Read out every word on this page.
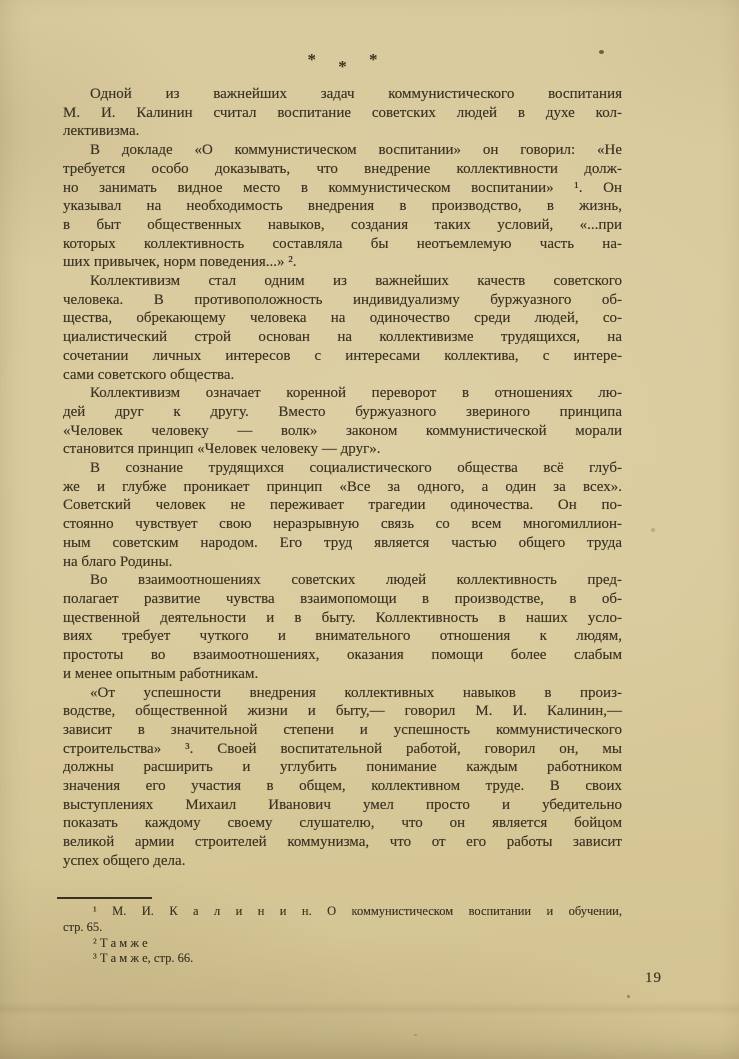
* * *

Одной из важнейших задач коммунистического воспитания
М. И. Калинин считал воспитание советских людей в духе кол-
лективизма.

В докладе «О коммунистическом воспитании» он говорил: «Не
требуется особо доказывать, что внедрение коллективности долж-
но занимать видное место в коммунистическом воспитании» ¹. Он
указывал на необходимость внедрения в производство, в жизнь,
в быт общественных навыков, создания таких условий, «...при
которых коллективность составляла бы неотъемлемую часть на-
ших привычек, норм поведения...» ².

Коллективизм стал одним из важнейших качеств советского
человека. В противоположность индивидуализму буржуазного об-
щества, обрекающему человека на одиночество среди людей, со-
циалистический строй основан на коллективизме трудящихся, на
сочетании личных интересов с интересами коллектива, с интере-
сами советского общества.

Коллективизм означает коренной переворот в отношениях лю-
дей друг к другу. Вместо буржуазного звериного принципа
«Человек человеку — волк» законом коммунистической морали
становится принцип «Человек человеку — друг».

В сознание трудящихся социалистического общества всё глуб-
же и глубже проникает принцип «Все за одного, а один за всех».
Советский человек не переживает трагедии одиночества. Он по-
стоянно чувствует свою неразрывную связь со всем многомиллион-
ным советским народом. Его труд является частью общего труда
на благо Родины.

Во взаимоотношениях советских людей коллективность пред-
полагает развитие чувства взаимопомощи в производстве, в об-
щественной деятельности и в быту. Коллективность в наших усло-
виях требует чуткого и внимательного отношения к людям,
простоты во взаимоотношениях, оказания помощи более слабым
и менее опытным работникам.

«От успешности внедрения коллективных навыков в произ-
водстве, общественной жизни и быту,— говорил М. И. Калинин,—
зависит в значительной степени и успешность коммунистического
строительства» ³. Своей воспитательной работой, говорил он, мы
должны расширить и углубить понимание каждым работником
значения его участия в общем, коллективном труде. В своих
выступлениях Михаил Иванович умел просто и убедительно
показать каждому своему слушателю, что он является бойцом
великой армии строителей коммунизма, что от его работы зависит
успех общего дела.

¹ М. И. К а л и н и н. О коммунистическом воспитании и обучении,
стр. 65.
² Т а м ж е
³ Т а м ж е, стр. 66.
19
